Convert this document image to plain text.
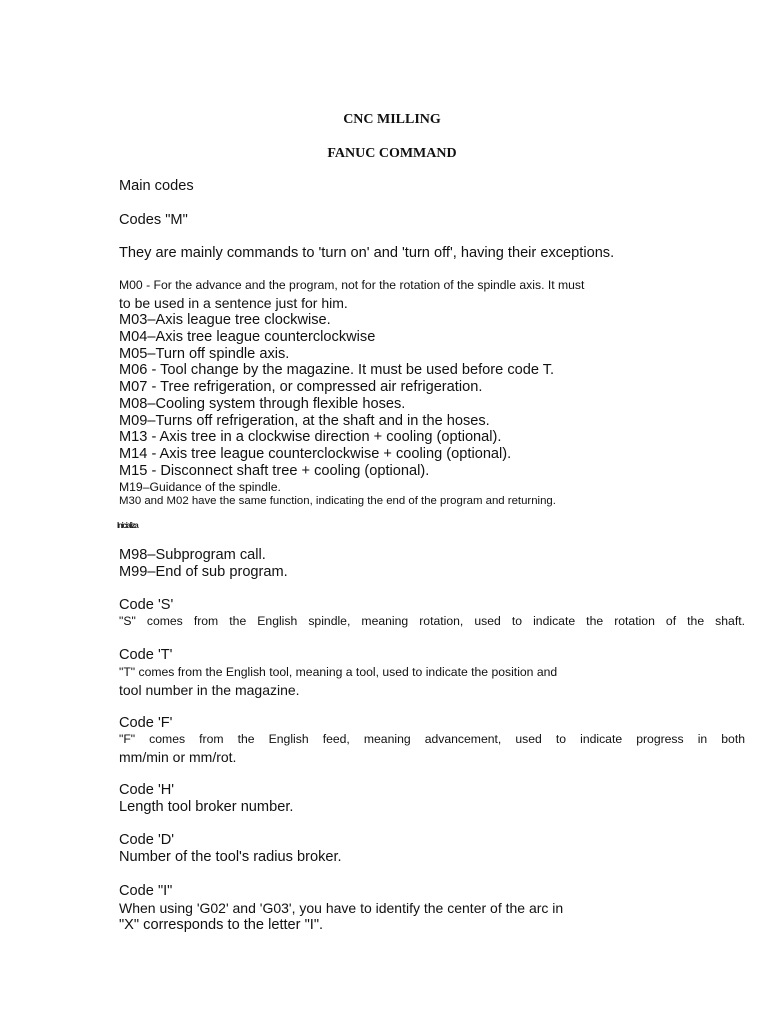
CNC MILLING

FANUC COMMAND

Main codes

Codes "M"

They are mainly commands to 'turn on' and 'turn off', having their exceptions.

M00 - For the advance and the program, not for the rotation of the spindle axis. It must

to be used in a sentence just for him.

M03–Axis league tree clockwise.

M04–Axis tree league counterclockwise

M05–Turn off spindle axis.

M06 - Tool change by the magazine. It must be used before code T.

M07 - Tree refrigeration, or compressed air refrigeration.

M08–Cooling system through flexible hoses.

M09–Turns off refrigeration, at the shaft and in the hoses.

M13 - Axis tree in a clockwise direction + cooling (optional).

M14 - Axis tree league counterclockwise + cooling (optional).

M15 - Disconnect shaft tree + cooling (optional).

M19–Guidance of the spindle.

M30 and M02 have the same function, indicating the end of the program and returning.

Inicializa

M98–Subprogram call.

M99–End of sub program.

Code 'S'

"S" comes from the English spindle, meaning rotation, used to indicate the rotation of the shaft.

Code 'T'

"T" comes from the English tool, meaning a tool, used to indicate the position and

tool number in the magazine.

Code 'F'

"F" comes from the English feed, meaning advancement, used to indicate progress in both

mm/min or mm/rot.

Code 'H'

Length tool broker number.

Code 'D'

Number of the tool's radius broker.

Code "I"

When using 'G02' and 'G03', you have to identify the center of the arc in

"X" corresponds to the letter "I".
